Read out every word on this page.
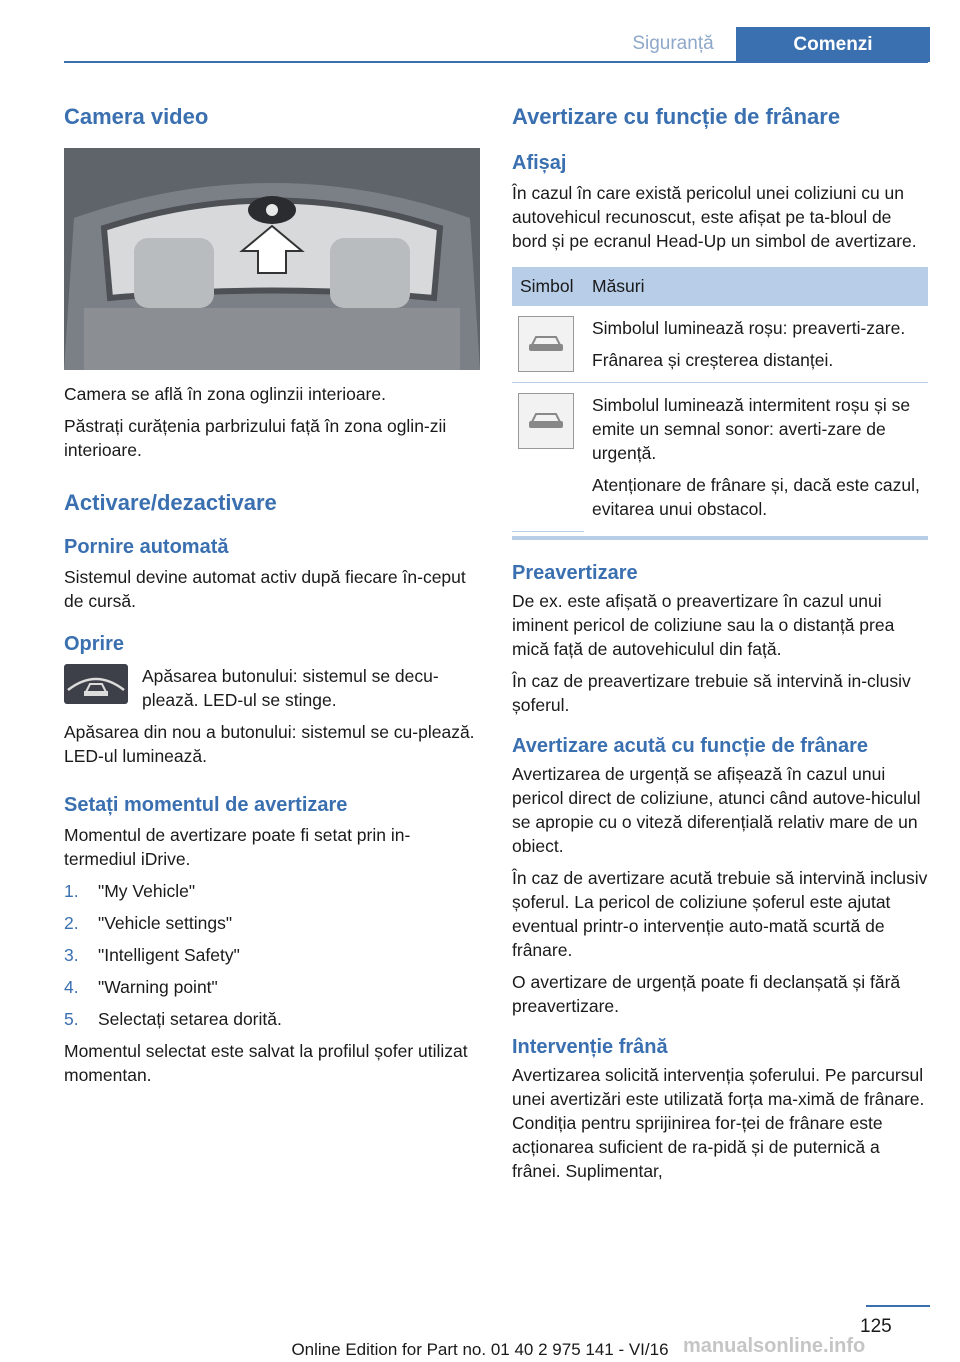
Siguranță	Comenzi
Camera video

Camera se află în zona oglinzii interioare.

Păstrați curățenia parbrizului față în zona oglin-zii interioare.

Activare/dezactivare
Pornire automată

Sistemul devine automat activ după fiecare în-ceput de cursă.

Oprire

Apăsarea butonului: sistemul se decu-plează. LED-ul se stinge.

Apăsarea din nou a butonului: sistemul se cu-plează. LED-ul luminează.

Setați momentul de avertizare

Momentul de avertizare poate fi setat prin in-termediul iDrive.

1.	"My Vehicle"
2.	"Vehicle settings"
3.	"Intelligent Safety"
4.	"Warning point"
5.	Selectați setarea dorită.

Momentul selectat este salvat la profilul șofer utilizat momentan.

Avertizare cu funcție de frânare
Afișaj

În cazul în care există pericolul unei coliziuni cu un autovehicul recunoscut, este afișat pe ta-bloul de bord și pe ecranul Head-Up un simbol de avertizare.

Simbol	Măsuri

Simbolul luminează roșu: preaverti-zare.
Frânarea și creșterea distanței.

Simbolul luminează intermitent roșu și se emite un semnal sonor: averti-zare de urgență.
Atenționare de frânare și, dacă este cazul, evitarea unui obstacol.
Preavertizare

De ex. este afișată o preavertizare în cazul unui iminent pericol de coliziune sau la o distanță prea mică față de autovehiculul din față.

În caz de preavertizare trebuie să intervină in-clusiv șoferul.

Avertizare acută cu funcție de frânare

Avertizarea de urgență se afișează în cazul unui pericol direct de coliziune, atunci când autove-hiculul se apropie cu o viteză diferențială relativ mare de un obiect.

În caz de avertizare acută trebuie să intervină inclusiv șoferul. La pericol de coliziune șoferul este ajutat eventual printr-o intervenție auto-mată scurtă de frânare.

O avertizare de urgență poate fi declanșată și fără preavertizare.

Intervenție frână

Avertizarea solicită intervenția șoferului. Pe parcursul unei avertizări este utilizată forța ma-ximă de frânare. Condiția pentru sprijinirea for-ței de frânare este acționarea suficient de ra-pidă și de puternică a frânei. Suplimentar,

125
Online Edition for Part no. 01 40 2 975 141 - VI/16 manualsonline.info
